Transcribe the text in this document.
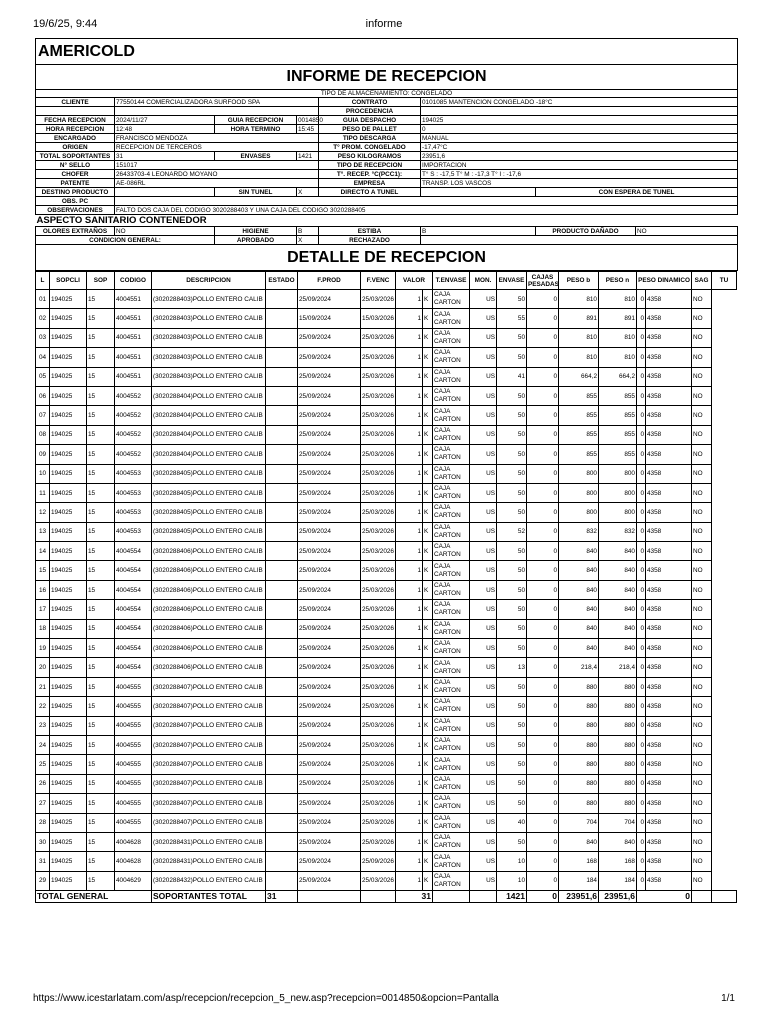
19/6/25, 9:44	informe
AMERICOLD							
INFORME DE RECEPCION							
TIPO DE ALMACENAMIENTO: CONGELADO							
CLIENTE	77550144 COMERCIALIZADORA SURFOOD SPA			CONTRATO	0101085 MANTENCION CONGELADO -18°C		
				PROCEDENCIA			
FECHA RECEPCION	2024/11/27	GUIA RECEPCION	0014850	GUIA DESPACHO	194025		
HORA RECEPCION	12:48	HORA TERMINO	15:45	PESO DE PALLET	0		
ENCARGADO	FRANCISCO MENDOZA			TIPO DESCARGA	MANUAL		
ORIGEN	RECEPCION DE TERCEROS			T° PROM. CONGELADO	-17,47°C		
TOTAL SOPORTANTES	31	ENVASES	1421	PESO KILOGRAMOS	23951,6		
N° SELLO	151017			TIPO DE RECEPCION	IMPORTACION		
CHOFER	26433703-4 LEONARDO MOYANO			T°. RECEP. °C(PCC1):	T° S : -17,5 T° M : -17,3 T° I : -17,6		
PATENTE	AE-086RL			EMPRESA	TRANSP. LOS VASCOS		
DESTINO PRODUCTO		SIN TUNEL	X	DIRECTO A TUNEL		CON ESPERA DE TUNEL	
OBS. PC							
OBSERVACIONES	FALTO DOS CAJA DEL CODIGO 3020288403 Y UNA CAJA DEL CODIGO 3020288405						
ASPECTO SANITARIO CONTENEDOR							
OLORES EXTRAÑOS	NO	HIGIENE	B	ESTIBA	B	PRODUCTO DAÑADO	NO
CONDICION GENERAL:		APROBADO	X	RECHAZADO			
DETALLE DE RECEPCION							
L	SOPCLI	SOP	CODIGO	DESCRIPCION	ESTADO	F.PROD	F.VENC	VALOR		T.ENVASE	MON.	ENVASE	CAJAS PESADAS	PESO b	PESO n	PESO DINAMICO		SAG	TU
01	194025	15	4004551	(3020288403)POLLO ENTERO CALIB		25/09/2024	25/03/2026	1	K	CAJA CARTON	US	50	0	810	810	0	4358	NO	
02	194025	15	4004551	(3020288403)POLLO ENTERO CALIB		15/09/2024	15/03/2026	1	K	CAJA CARTON	US	55	0	891	891	0	4358	NO	
03	194025	15	4004551	(3020288403)POLLO ENTERO CALIB		25/09/2024	25/03/2026	1	K	CAJA CARTON	US	50	0	810	810	0	4358	NO	
04	194025	15	4004551	(3020288403)POLLO ENTERO CALIB		25/09/2024	25/03/2026	1	K	CAJA CARTON	US	50	0	810	810	0	4358	NO	
05	194025	15	4004551	(3020288403)POLLO ENTERO CALIB		25/09/2024	25/03/2026	1	K	CAJA CARTON	US	41	0	664,2	664,2	0	4358	NO	
06	194025	15	4004552	(3020288404)POLLO ENTERO CALIB		25/09/2024	25/03/2026	1	K	CAJA CARTON	US	50	0	855	855	0	4358	NO	
07	194025	15	4004552	(3020288404)POLLO ENTERO CALIB		25/09/2024	25/03/2026	1	K	CAJA CARTON	US	50	0	855	855	0	4358	NO	
08	194025	15	4004552	(3020288404)POLLO ENTERO CALIB		25/09/2024	25/03/2026	1	K	CAJA CARTON	US	50	0	855	855	0	4358	NO	
09	194025	15	4004552	(3020288404)POLLO ENTERO CALIB		25/09/2024	25/03/2026	1	K	CAJA CARTON	US	50	0	855	855	0	4358	NO	
10	194025	15	4004553	(3020288405)POLLO ENTERO CALIB		25/09/2024	25/03/2026	1	K	CAJA CARTON	US	50	0	800	800	0	4358	NO	
11	194025	15	4004553	(3020288405)POLLO ENTERO CALIB		25/09/2024	25/03/2026	1	K	CAJA CARTON	US	50	0	800	800	0	4358	NO	
12	194025	15	4004553	(3020288405)POLLO ENTERO CALIB		25/09/2024	25/03/2026	1	K	CAJA CARTON	US	50	0	800	800	0	4358	NO	
13	194025	15	4004553	(3020288405)POLLO ENTERO CALIB		25/09/2024	25/03/2026	1	K	CAJA CARTON	US	52	0	832	832	0	4358	NO	
14	194025	15	4004554	(3020288406)POLLO ENTERO CALIB		25/09/2024	25/03/2026	1	K	CAJA CARTON	US	50	0	840	840	0	4358	NO	
15	194025	15	4004554	(3020288406)POLLO ENTERO CALIB		25/09/2024	25/03/2026	1	K	CAJA CARTON	US	50	0	840	840	0	4358	NO	
16	194025	15	4004554	(3020288406)POLLO ENTERO CALIB		25/09/2024	25/03/2026	1	K	CAJA CARTON	US	50	0	840	840	0	4358	NO	
17	194025	15	4004554	(3020288406)POLLO ENTERO CALIB		25/09/2024	25/03/2026	1	K	CAJA CARTON	US	50	0	840	840	0	4358	NO	
18	194025	15	4004554	(3020288406)POLLO ENTERO CALIB		25/09/2024	25/03/2026	1	K	CAJA CARTON	US	50	0	840	840	0	4358	NO	
19	194025	15	4004554	(3020288406)POLLO ENTERO CALIB		25/09/2024	25/03/2026	1	K	CAJA CARTON	US	50	0	840	840	0	4358	NO	
20	194025	15	4004554	(3020288406)POLLO ENTERO CALIB		25/09/2024	25/03/2026	1	K	CAJA CARTON	US	13	0	218,4	218,4	0	4358	NO	
21	194025	15	4004555	(3020288407)POLLO ENTERO CALIB		25/09/2024	25/03/2026	1	K	CAJA CARTON	US	50	0	880	880	0	4358	NO	
22	194025	15	4004555	(3020288407)POLLO ENTERO CALIB		25/09/2024	25/03/2026	1	K	CAJA CARTON	US	50	0	880	880	0	4358	NO	
23	194025	15	4004555	(3020288407)POLLO ENTERO CALIB		25/09/2024	25/03/2026	1	K	CAJA CARTON	US	50	0	880	880	0	4358	NO	
24	194025	15	4004555	(3020288407)POLLO ENTERO CALIB		25/09/2024	25/03/2026	1	K	CAJA CARTON	US	50	0	880	880	0	4358	NO	
25	194025	15	4004555	(3020288407)POLLO ENTERO CALIB		25/09/2024	25/03/2026	1	K	CAJA CARTON	US	50	0	880	880	0	4358	NO	
26	194025	15	4004555	(3020288407)POLLO ENTERO CALIB		25/09/2024	25/03/2026	1	K	CAJA CARTON	US	50	0	880	880	0	4358	NO	
27	194025	15	4004555	(3020288407)POLLO ENTERO CALIB		25/09/2024	25/03/2026	1	K	CAJA CARTON	US	50	0	880	880	0	4358	NO	
28	194025	15	4004555	(3020288407)POLLO ENTERO CALIB		25/09/2024	25/03/2026	1	K	CAJA CARTON	US	40	0	704	704	0	4358	NO	
30	194025	15	4004628	(3020288431)POLLO ENTERO CALIB		25/09/2024	25/03/2026	1	K	CAJA CARTON	US	50	0	840	840	0	4358	NO	
31	194025	15	4004628	(3020288431)POLLO ENTERO CALIB		25/09/2024	25/09/2026	1	K	CAJA CARTON	US	10	0	168	168	0	4358	NO	
29	194025	15	4004629	(3020288432)POLLO ENTERO CALIB		25/09/2024	25/03/2026	1	K	CAJA CARTON	US	10	0	184	184	0	4358	NO	
TOTAL GENERAL				SOPORTANTES TOTAL	31			31				1421	0	23951,6	23951,6	0			
https://www.icestarlatam.com/asp/recepcion/recepcion_5_new.asp?recepcion=0014850&opcion=Pantalla	1/1
